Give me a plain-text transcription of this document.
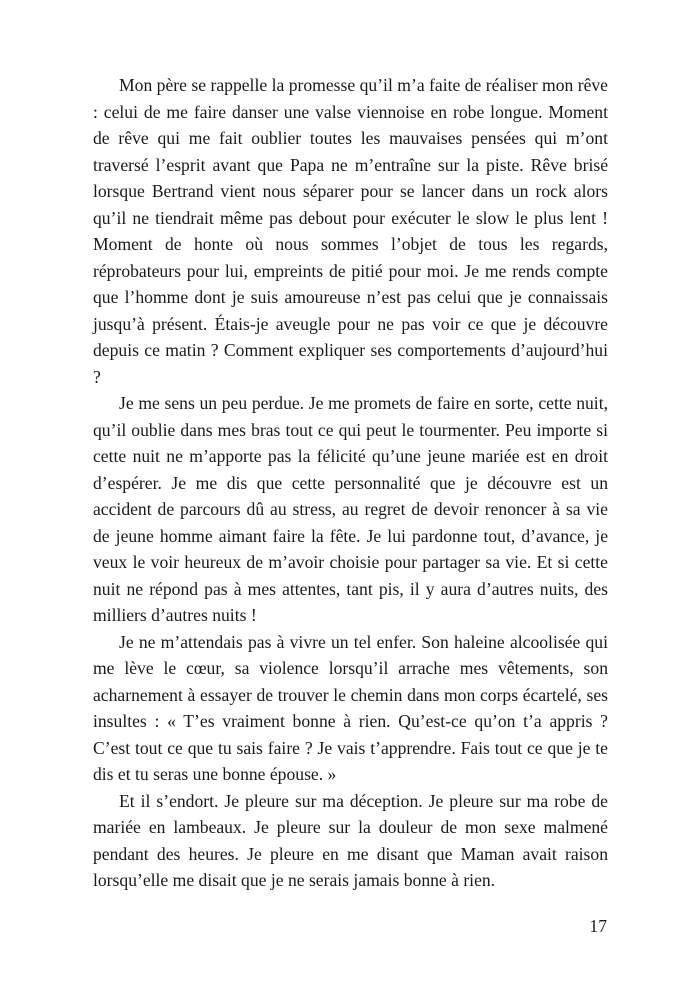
Mon père se rappelle la promesse qu’il m’a faite de réaliser mon rêve : celui de me faire danser une valse viennoise en robe longue. Moment de rêve qui me fait oublier toutes les mauvaises pensées qui m’ont traversé l’esprit avant que Papa ne m’entraîne sur la piste. Rêve brisé lorsque Bertrand vient nous séparer pour se lancer dans un rock alors qu’il ne tiendrait même pas debout pour exécuter le slow le plus lent ! Moment de honte où nous sommes l’objet de tous les regards, réprobateurs pour lui, empreints de pitié pour moi. Je me rends compte que l’homme dont je suis amoureuse n’est pas celui que je connaissais jusqu’à présent. Étais-je aveugle pour ne pas voir ce que je découvre depuis ce matin ? Comment expliquer ses comportements d’aujourd’hui ?

Je me sens un peu perdue. Je me promets de faire en sorte, cette nuit, qu’il oublie dans mes bras tout ce qui peut le tourmenter. Peu importe si cette nuit ne m’apporte pas la félicité qu’une jeune mariée est en droit d’espérer. Je me dis que cette personnalité que je découvre est un accident de parcours dû au stress, au regret de devoir renoncer à sa vie de jeune homme aimant faire la fête. Je lui pardonne tout, d’avance, je veux le voir heureux de m’avoir choisie pour partager sa vie. Et si cette nuit ne répond pas à mes attentes, tant pis, il y aura d’autres nuits, des milliers d’autres nuits !

Je ne m’attendais pas à vivre un tel enfer. Son haleine alcoolisée qui me lève le cœur, sa violence lorsqu’il arrache mes vêtements, son acharnement à essayer de trouver le chemin dans mon corps écartelé, ses insultes : « T’es vraiment bonne à rien. Qu’est-ce qu’on t’a appris ? C’est tout ce que tu sais faire ? Je vais t’apprendre. Fais tout ce que je te dis et tu seras une bonne épouse. »

Et il s’endort. Je pleure sur ma déception. Je pleure sur ma robe de mariée en lambeaux. Je pleure sur la douleur de mon sexe malmené pendant des heures. Je pleure en me disant que Maman avait raison lorsqu’elle me disait que je ne serais jamais bonne à rien.

17
